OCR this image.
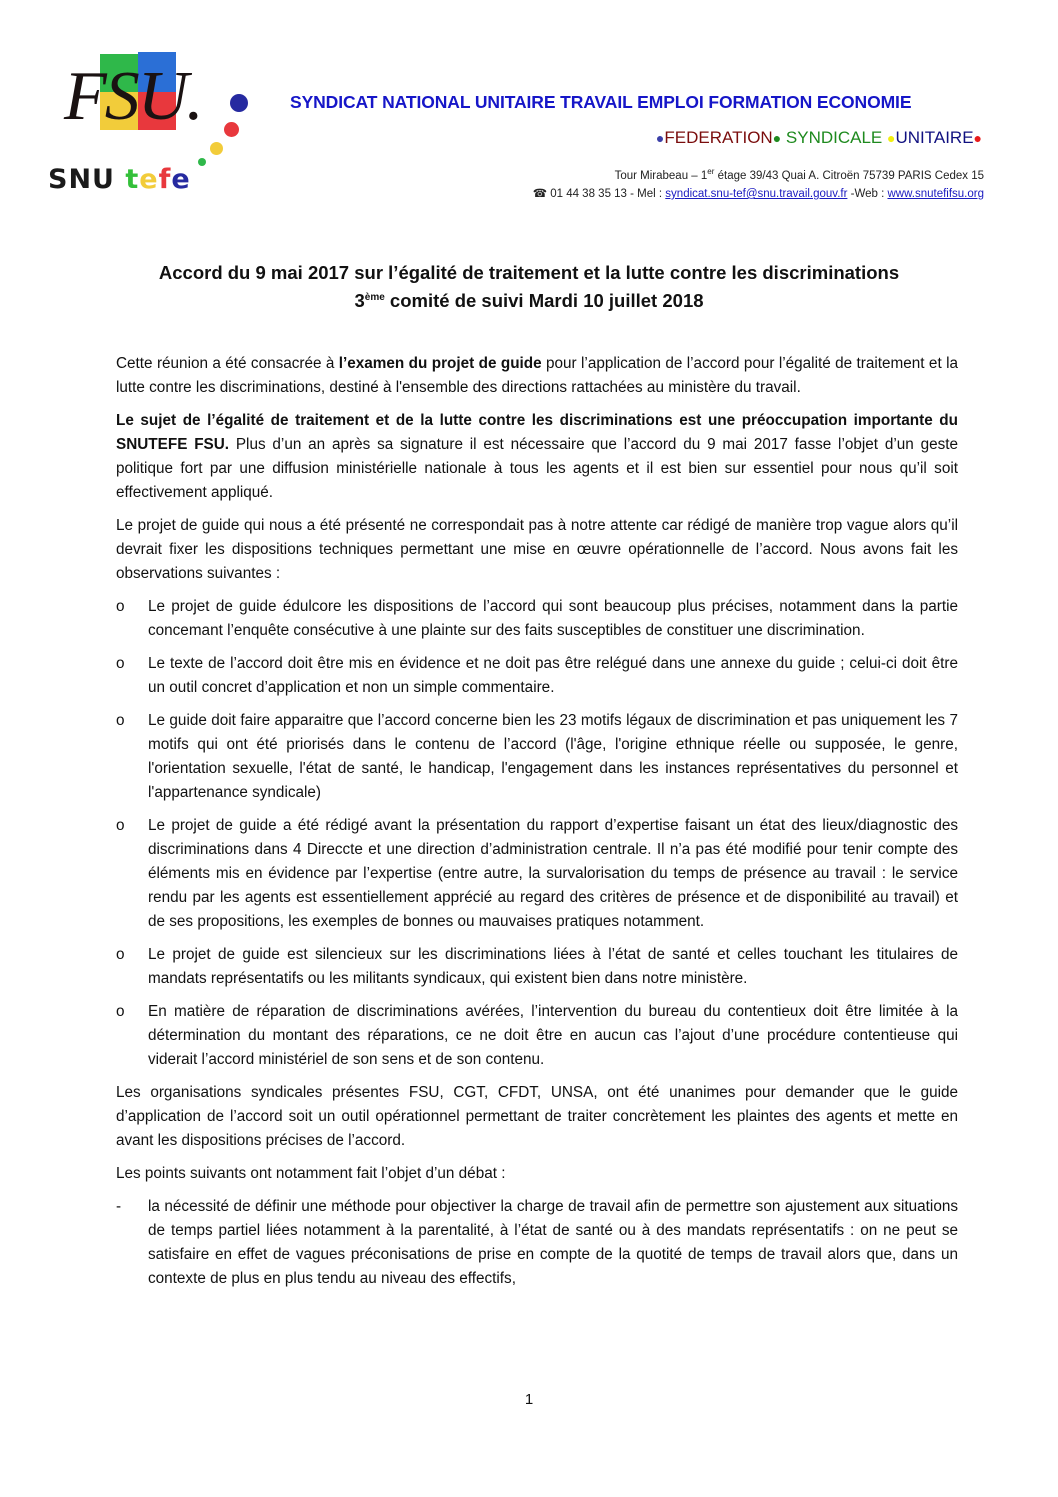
FSU.
SNU tefe
SYNDICAT NATIONAL UNITAIRE TRAVAIL EMPLOI FORMATION ECONOMIE
●FEDERATION● SYNDICALE ●UNITAIRE●
Tour Mirabeau – 1er étage 39/43 Quai A. Citroën 75739 PARIS Cedex 15
☎ 01 44 38 35 13 - Mel : syndicat.snu-tef@snu.travail.gouv.fr -Web : www.snutefifsu.org
Accord du 9 mai 2017 sur l’égalité de traitement et la lutte contre les discriminations
3ème comité de suivi Mardi 10 juillet 2018

Cette réunion a été consacrée à l’examen du projet de guide pour l’application de l’accord pour l’égalité de traitement et la lutte contre les discriminations, destiné à l'ensemble des directions rattachées au ministère du travail.

Le sujet de l’égalité de traitement et de la lutte contre les discriminations est une préoccupation importante du SNUTEFE FSU. Plus d’un an après sa signature il est nécessaire que l’accord du 9 mai 2017 fasse l’objet d’un geste politique fort par une diffusion ministérielle nationale à tous les agents et il est bien sur essentiel pour nous qu’il soit effectivement appliqué.

Le projet de guide qui nous a été présenté ne correspondait pas à notre attente car rédigé de manière trop vague alors qu’il devrait fixer les dispositions techniques permettant une mise en œuvre opérationnelle de l’accord. Nous avons fait les observations suivantes :

o	Le projet de guide édulcore les dispositions de l’accord qui sont beaucoup plus précises, notamment dans la partie concemant l’enquête consécutive à une plainte sur des faits susceptibles de constituer une discrimination.
o	Le texte de l’accord doit être mis en évidence et ne doit pas être relégué dans une annexe du guide ; celui-ci doit être un outil concret d’application et non un simple commentaire.
o	Le guide doit faire apparaitre que l’accord concerne bien les 23 motifs légaux de discrimination et pas uniquement les 7 motifs qui ont été priorisés dans le contenu de l’accord (l'âge, l'origine ethnique réelle ou supposée, le genre, l'orientation sexuelle, l'état de santé, le handicap, l'engagement dans les instances représentatives du personnel et l'appartenance syndicale)
o	Le projet de guide a été rédigé avant la présentation du rapport d’expertise faisant un état des lieux/diagnostic des discriminations dans 4 Direccte et une direction d’administration centrale. Il n’a pas été modifié pour tenir compte des éléments mis en évidence par l’expertise (entre autre, la survalorisation du temps de présence au travail : le service rendu par les agents est essentiellement apprécié au regard des critères de présence et de disponibilité au travail) et de ses propositions, les exemples de bonnes ou mauvaises pratiques notamment.
o	Le projet de guide est silencieux sur les discriminations liées à l’état de santé et celles touchant les titulaires de mandats représentatifs ou les militants syndicaux, qui existent bien dans notre ministère.
o	En matière de réparation de discriminations avérées, l’intervention du bureau du contentieux doit être limitée à la détermination du montant des réparations, ce ne doit être en aucun cas l’ajout d’une procédure contentieuse qui viderait l’accord ministériel de son sens et de son contenu.

Les organisations syndicales présentes FSU, CGT, CFDT, UNSA, ont été unanimes pour demander que le guide d’application de l’accord soit un outil opérationnel permettant de traiter concrètement les plaintes des agents et mette en avant les dispositions précises de l’accord.

Les points suivants ont notamment fait l’objet d’un débat :

-	la nécessité de définir une méthode pour objectiver la charge de travail afin de permettre son ajustement aux situations de temps partiel liées notamment à la parentalité, à l’état de santé ou à des mandats représentatifs : on ne peut se satisfaire en effet de vagues préconisations de prise en compte de la quotité de temps de travail alors que, dans un contexte de plus en plus tendu au niveau des effectifs,
1
